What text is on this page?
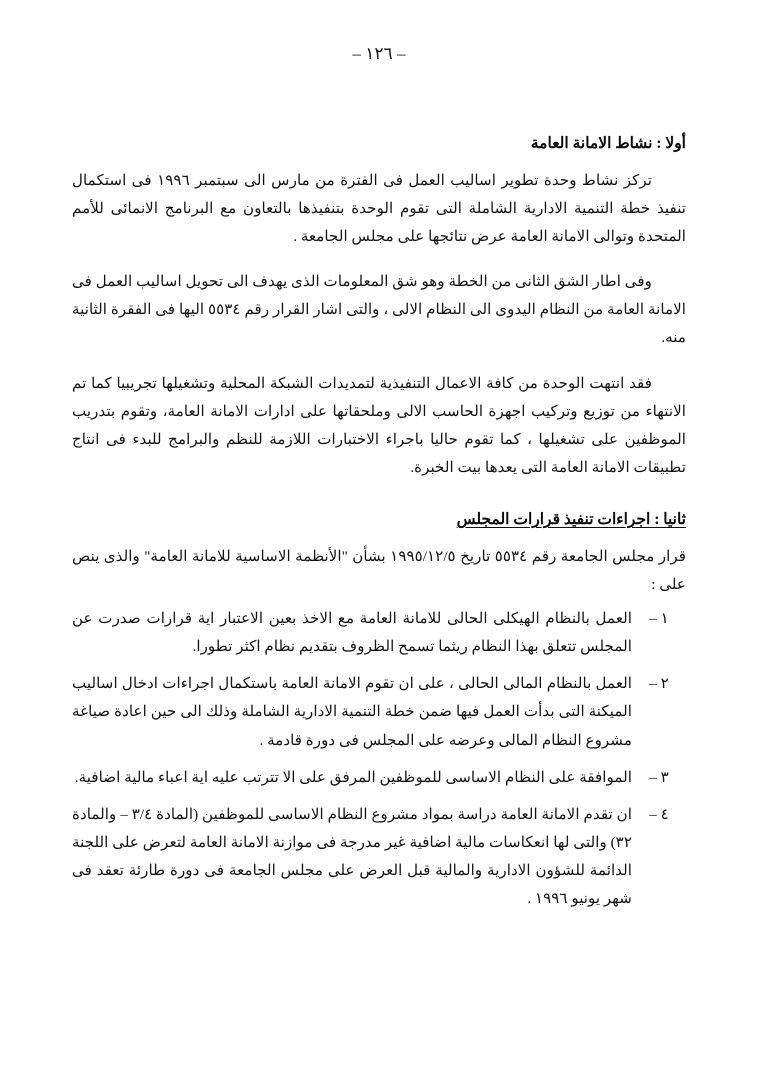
– ١٢٦ –
أولا : نشاط الامانة العامة

تركز نشاط وحدة تطوير اساليب العمل فى الفترة من مارس الى سبتمبر ١٩٩٦ فى استكمال تنفيذ خطة التنمية الادارية الشاملة التى تقوم الوحدة بتنفيذها بالتعاون مع البرنامج الانمائى للأمم المتحدة وتوالى الامانة العامة عرض نتائجها على مجلس الجامعة .

وفى اطار الشق الثانى من الخطة وهو شق المعلومات الذى يهدف الى تحويل اساليب العمل فى الامانة العامة من النظام اليدوى الى النظام الالى ، والتى اشار القرار رقم ٥٥٣٤ اليها فى الفقرة الثانية منه.

فقد انتهت الوحدة من كافة الاعمال التنفيذية لتمديدات الشبكة المحلية وتشغيلها تجريبيا كما تم الانتهاء من توزيع وتركيب اجهزة الحاسب الالى وملحقاتها على ادارات الامانة العامة، وتقوم بتدريب الموظفين على تشغيلها ، كما تقوم حاليا باجراء الاختبارات اللازمة للنظم والبرامج للبدء فى انتاج تطبيقات الامانة العامة التى يعدها بيت الخبرة.

ثانيا : اجراءات تنفيذ قرارات المجلس

قرار مجلس الجامعة رقم ٥٥٣٤ تاريخ ١٩٩٥/١٢/٥ بشأن "الأنظمة الاساسية للامانة العامة" والذى ينص على :

١ –
العمل بالنظام الهيكلى الحالى للامانة العامة مع الاخذ بعين الاعتبار اية قرارات صدرت عن المجلس تتعلق بهذا النظام ريثما تسمح الظروف بتقديم نظام اكثر تطورا.
٢ –
العمل بالنظام المالى الحالى ، على ان تقوم الامانة العامة باستكمال اجراءات ادخال اساليب الميكنة التى بدأت العمل فيها ضمن خطة التنمية الادارية الشاملة وذلك الى حين اعادة صياغة مشروع النظام المالى وعرضه على المجلس فى دورة قادمة .
٣ –
الموافقة على النظام الاساسى للموظفين المرفق على الا تترتب عليه اية اعباء مالية اضافية.
٤ –
ان تقدم الامانة العامة دراسة بمواد مشروع النظام الاساسى للموظفين (المادة ٣/٤ – والمادة ٣٢) والتى لها انعكاسات مالية اضافية غير مدرجة فى موازنة الامانة العامة لتعرض على اللجنة الدائمة للشؤون الادارية والمالية قبل العرض على مجلس الجامعة فى دورة طارئة تعقد فى شهر يونيو ١٩٩٦ .
